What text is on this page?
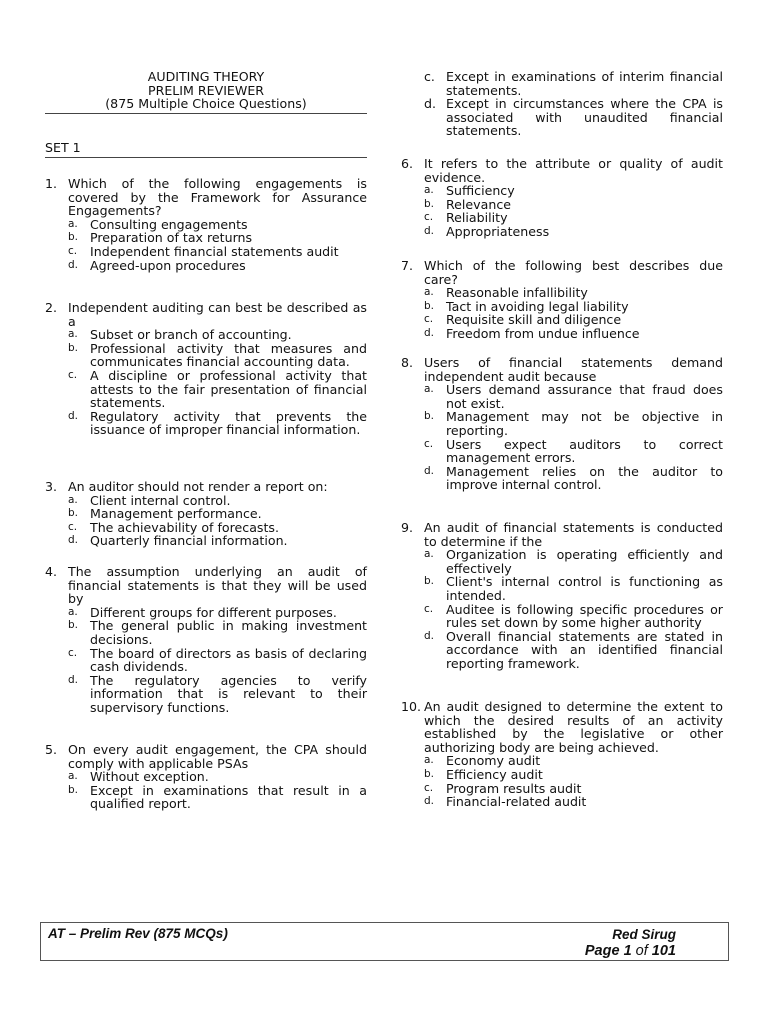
AUDITING THEORY
PRELIM REVIEWER
(875 Multiple Choice Questions)
SET 1
1. Which of the following engagements is covered by the Framework for Assurance Engagements?
a. Consulting engagements
b. Preparation of tax returns
c. Independent financial statements audit
d. Agreed-upon procedures
2. Independent auditing can best be described as a
a. Subset or branch of accounting.
b. Professional activity that measures and communicates financial accounting data.
c. A discipline or professional activity that attests to the fair presentation of financial statements.
d. Regulatory activity that prevents the issuance of improper financial information.
3. An auditor should not render a report on:
a. Client internal control.
b. Management performance.
c. The achievability of forecasts.
d. Quarterly financial information.
4. The assumption underlying an audit of financial statements is that they will be used by
a. Different groups for different purposes.
b. The general public in making investment decisions.
c. The board of directors as basis of declaring cash dividends.
d. The regulatory agencies to verify information that is relevant to their supervisory functions.
5. On every audit engagement, the CPA should comply with applicable PSAs
a. Without exception.
b. Except in examinations that result in a qualified report.
c. Except in examinations of interim financial statements.
d. Except in circumstances where the CPA is associated with unaudited financial statements.
6. It refers to the attribute or quality of audit evidence.
a. Sufficiency
b. Relevance
c. Reliability
d. Appropriateness
7. Which of the following best describes due care?
a. Reasonable infallibility
b. Tact in avoiding legal liability
c. Requisite skill and diligence
d. Freedom from undue influence
8. Users of financial statements demand independent audit because
a. Users demand assurance that fraud does not exist.
b. Management may not be objective in reporting.
c. Users expect auditors to correct management errors.
d. Management relies on the auditor to improve internal control.
9. An audit of financial statements is conducted to determine if the
a. Organization is operating efficiently and effectively
b. Client's internal control is functioning as intended.
c. Auditee is following specific procedures or rules set down by some higher authority
d. Overall financial statements are stated in accordance with an identified financial reporting framework.
10. An audit designed to determine the extent to which the desired results of an activity established by the legislative or other authorizing body are being achieved.
a. Economy audit
b. Efficiency audit
c. Program results audit
d. Financial-related audit
AT – Prelim Rev (875 MCQs)	Red Sirug
Page 1 of 101
